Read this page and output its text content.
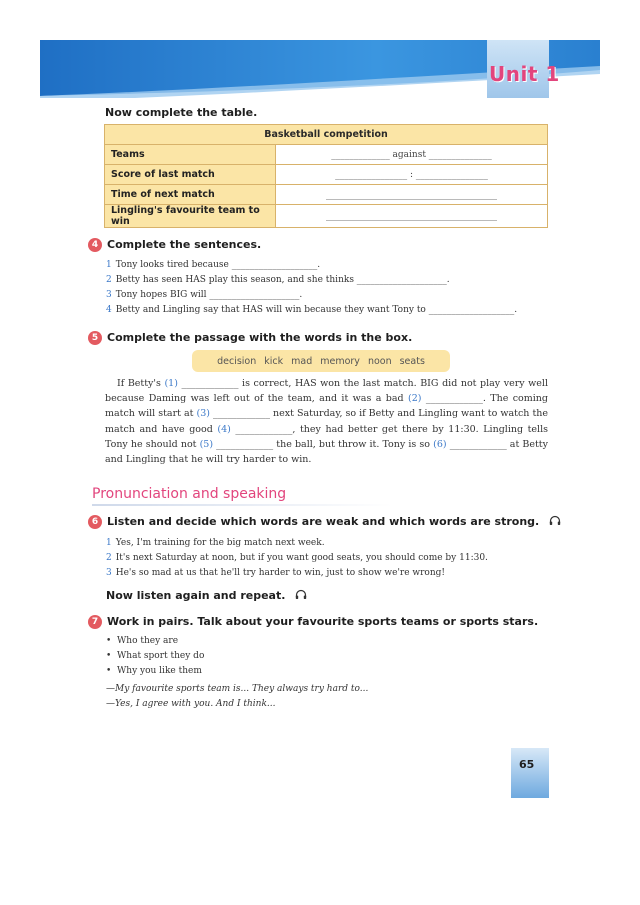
Unit 1
Now complete the table.
Basketball competition	
Teams	_____________ against ______________
Score of last match	________________ : ________________
Time of next match	______________________________________
Lingling's favourite team to win	______________________________________
4 Complete the sentences.
1 Tony looks tired because ___________________.
2 Betty has seen HAS play this season, and she thinks ____________________.
3 Tony hopes BIG will ____________________.
4 Betty and Lingling say that HAS will win because they want Tony to ___________________.
5 Complete the passage with the words in the box.
decision kick mad memory noon seats
If Betty's (1) ____________ is correct, HAS won the last match. BIG did not play very well because Daming was left out of the team, and it was a bad (2) ____________. The coming match will start at (3) ____________ next Saturday, so if Betty and Lingling want to watch the match and have good (4) ____________, they had better get there by 11:30. Lingling tells Tony he should not (5) ____________ the ball, but throw it. Tony is so (6) ____________ at Betty and Lingling that he will try harder to win.
Pronunciation and speaking
6 Listen and decide which words are weak and which words are strong.
1 Yes, I'm training for the big match next week.
2 It's next Saturday at noon, but if you want good seats, you should come by 11:30.
3 He's so mad at us that he'll try harder to win, just to show we're wrong!
Now listen again and repeat.
7 Work in pairs. Talk about your favourite sports teams or sports stars.
•  Who they are
•  What sport they do
•  Why you like them
—My favourite sports team is... They always try hard to...
—Yes, I agree with you. And I think...
65
